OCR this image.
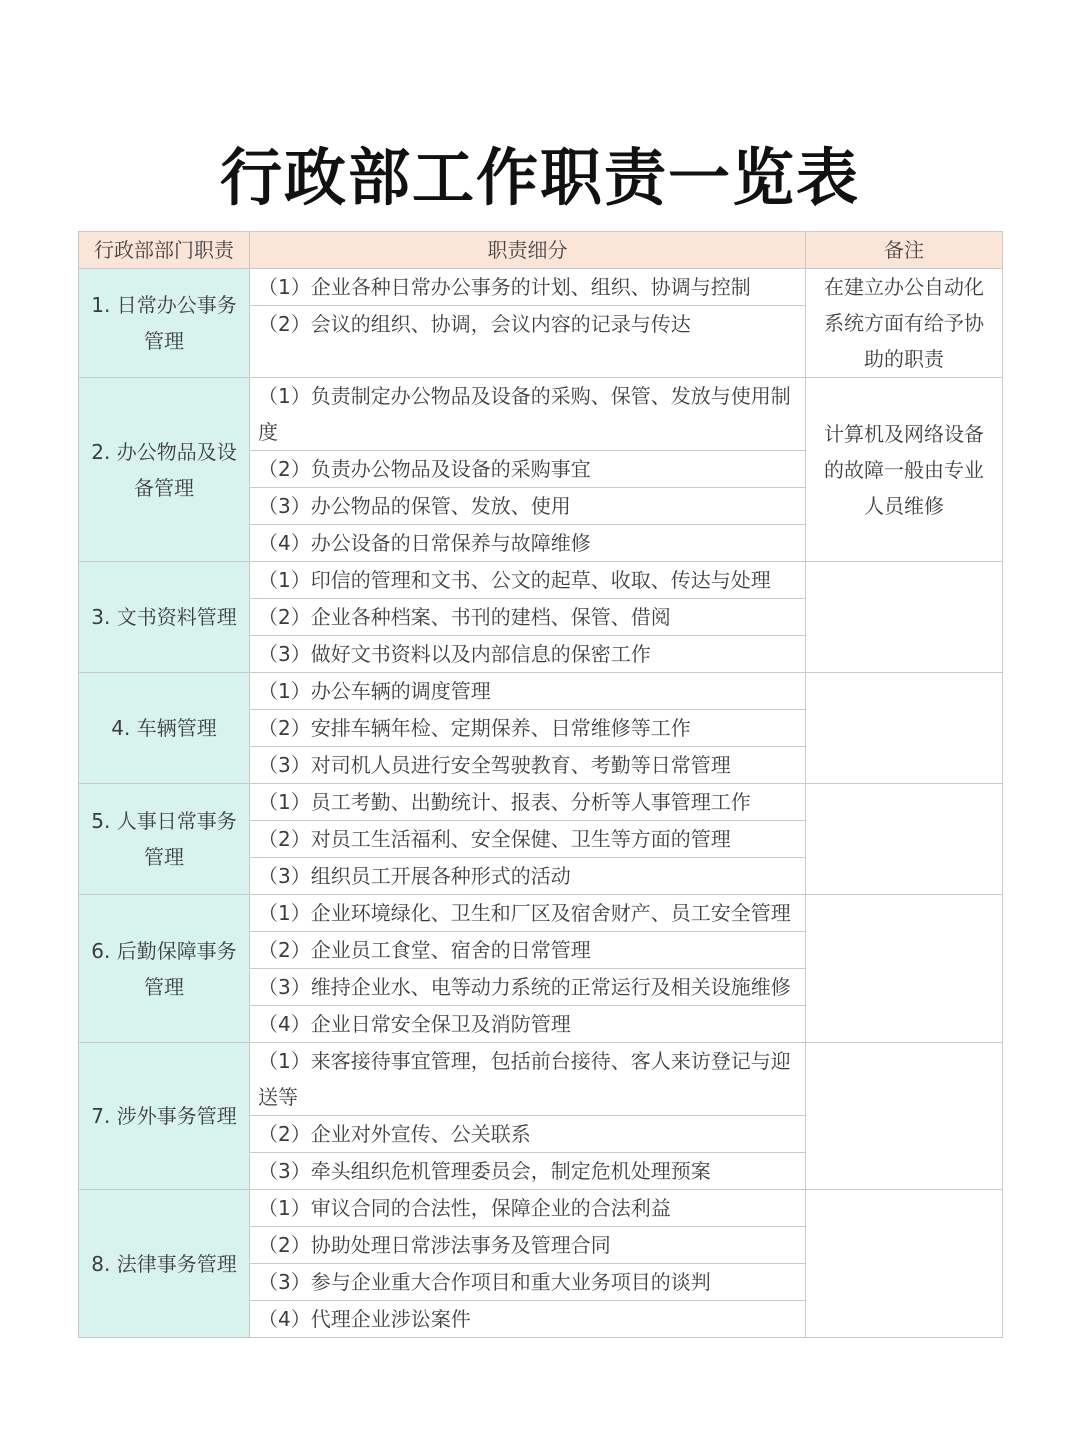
行政部工作职责一览表
行政部部门职责	职责细分	备注
1. 日常办公事务管理	（1）企业各种日常办公事务的计划、组织、协调与控制	在建立办公自动化系统方面有给予协助的职责
	（2）会议的组织、协调，会议内容的记录与传达	
2. 办公物品及设备管理	（1）负责制定办公物品及设备的采购、保管、发放与使用制度	计算机及网络设备的故障一般由专业人员维修
	（2）负责办公物品及设备的采购事宜	
	（3）办公物品的保管、发放、使用	
	（4）办公设备的日常保养与故障维修	
3. 文书资料管理	（1）印信的管理和文书、公文的起草、收取、传达与处理	
	（2）企业各种档案、书刊的建档、保管、借阅	
	（3）做好文书资料以及内部信息的保密工作	
4. 车辆管理	（1）办公车辆的调度管理	
	（2）安排车辆年检、定期保养、日常维修等工作	
	（3）对司机人员进行安全驾驶教育、考勤等日常管理	
5. 人事日常事务管理	（1）员工考勤、出勤统计、报表、分析等人事管理工作	
	（2）对员工生活福利、安全保健、卫生等方面的管理	
	（3）组织员工开展各种形式的活动	
6. 后勤保障事务管理	（1）企业环境绿化、卫生和厂区及宿舍财产、员工安全管理	
	（2）企业员工食堂、宿舍的日常管理	
	（3）维持企业水、电等动力系统的正常运行及相关设施维修	
	（4）企业日常安全保卫及消防管理	
7. 涉外事务管理	（1）来客接待事宜管理，包括前台接待、客人来访登记与迎送等	
	（2）企业对外宣传、公关联系	
	（3）牵头组织危机管理委员会，制定危机处理预案	
8. 法律事务管理	（1）审议合同的合法性，保障企业的合法利益	
	（2）协助处理日常涉法事务及管理合同	
	（3）参与企业重大合作项目和重大业务项目的谈判	
	（4）代理企业涉讼案件	
